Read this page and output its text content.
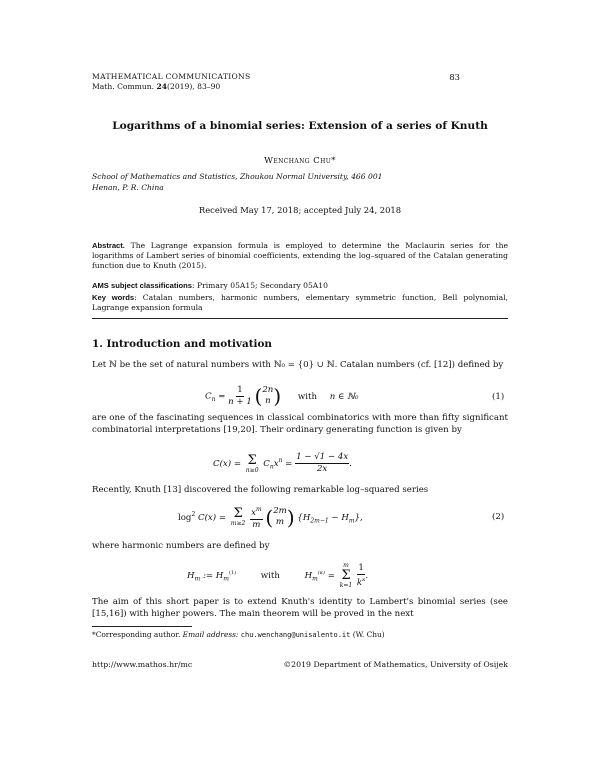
MATHEMATICAL COMMUNICATIONS
Math. Commun. 24(2019), 83–90
83
Logarithms of a binomial series: Extension of a series of Knuth
Wenchang Chu*
School of Mathematics and Statistics, Zhoukou Normal University, 466 001 Henan, P. R. China
Received May 17, 2018; accepted July 24, 2018
Abstract. The Lagrange expansion formula is employed to determine the Maclaurin series for the logarithms of Lambert series of binomial coefficients, extending the log–squared of the Catalan generating function due to Knuth (2015).
AMS subject classifications: Primary 05A15; Secondary 05A10
Key words: Catalan numbers, harmonic numbers, elementary symmetric function, Bell polynomial, Lagrange expansion formula
1. Introduction and motivation
Let ℕ be the set of natural numbers with ℕ₀ = {0} ∪ ℕ. Catalan numbers (cf. [12]) defined by
$C_n = \frac{1}{n + 1}$ ( 2n
n ) with n ∈ ℕ₀	(1)
are one of the fascinating sequences in classical combinatorics with more than fifty significant combinatorial interpretations [19,20]. Their ordinary generating function is given by
C(x) = Σ
n≥0
$C_nx^n = \frac{1 - √1 - 4x}{2x}$ .
Recently, Knuth [13] discovered the following remarkable log–squared series
$\log^2 C(x) = \Sigma$
m≥2
$\frac{x^m}{m}$ ( 2m
m ) $\{H_{2m-1} - H_m\}$,	(2)
where harmonic numbers are defined by
$H_m$ := $H_m^{(1)}$	with	$H_m^{(\kappa)}$ =
m
Σ
k=1
$\frac{1}{k^\kappa}$ .
The aim of this short paper is to extend Knuth's identity to Lambert's binomial series (see [15,16]) with higher powers. The main theorem will be proved in the next
*Corresponding author. Email address: chu.wenchang@unisalento.it (W. Chu)
http://www.mathos.hr/mc	©2019 Department of Mathematics, University of Osijek
